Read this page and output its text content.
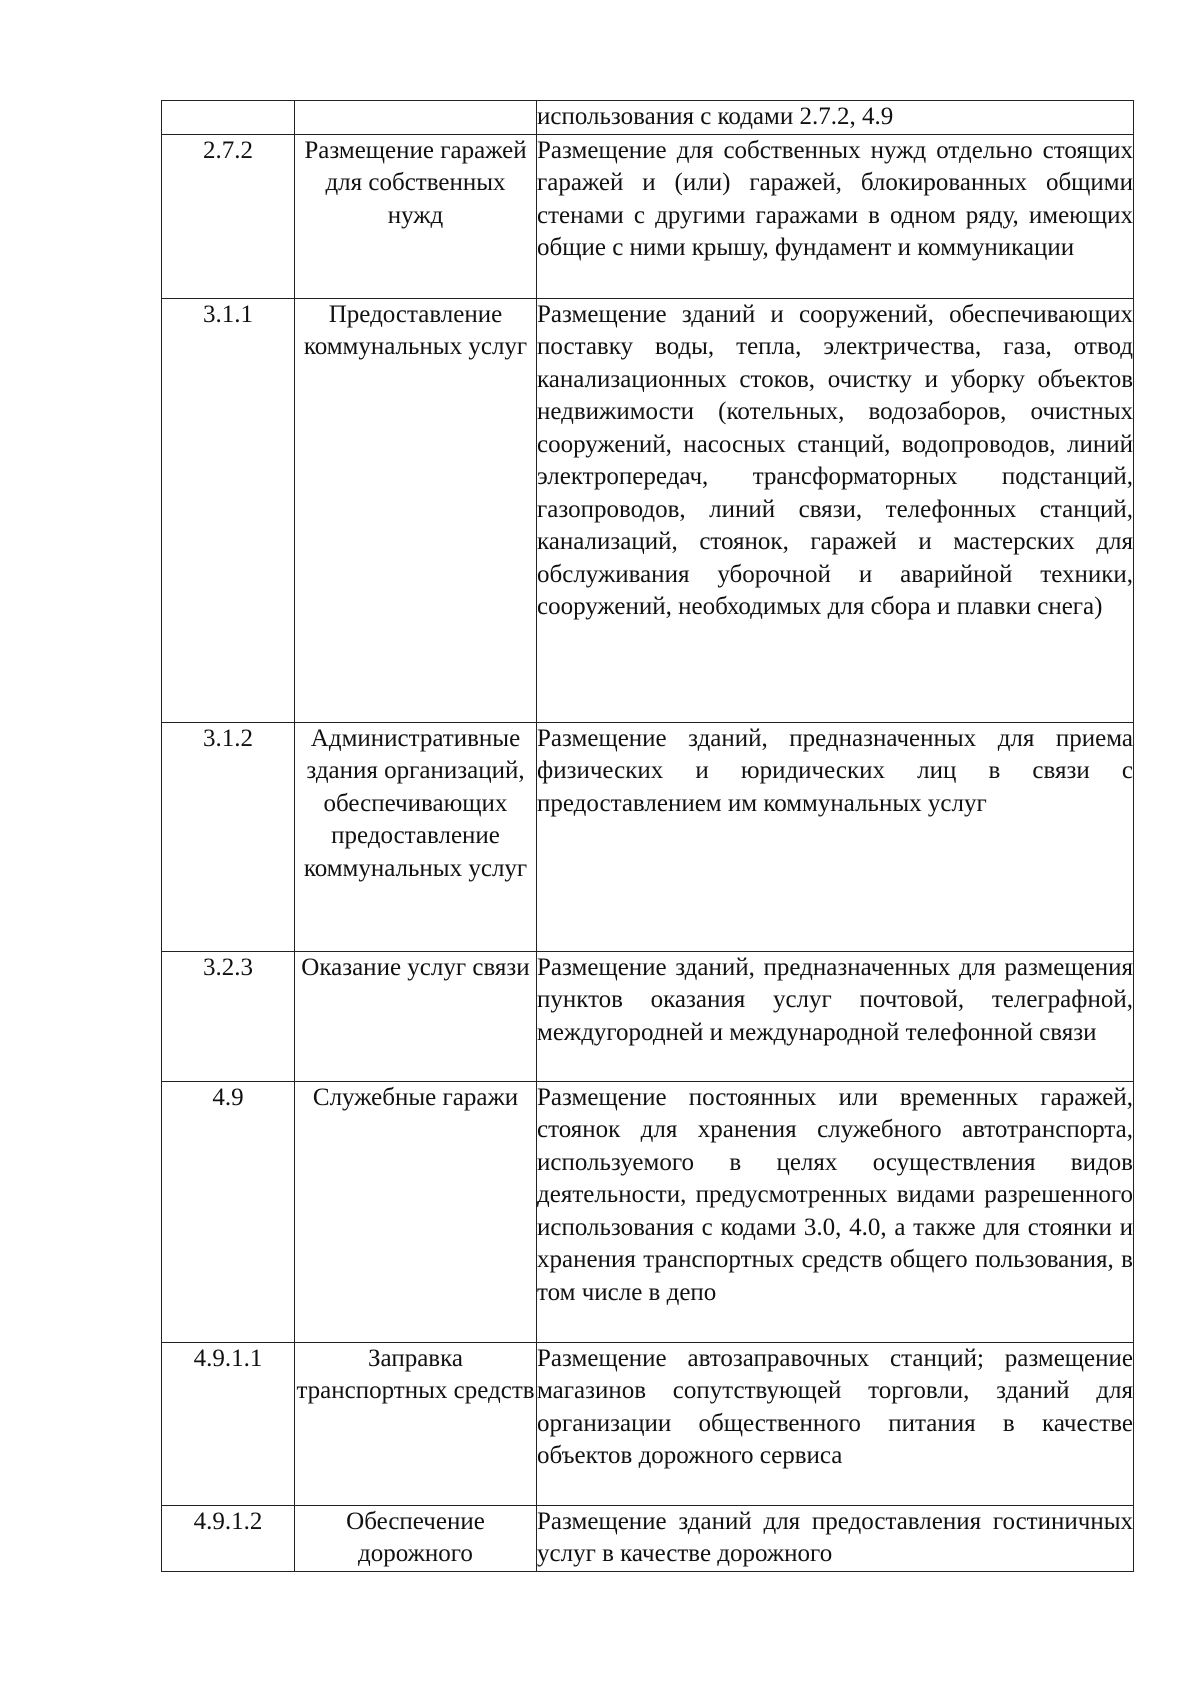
		использования с кодами 2.7.2, 4.9
2.7.2	Размещение гаражей для собственных нужд	Размещение для собственных нужд отдельно стоящих гаражей и (или) гаражей, блокированных общими стенами с другими гаражами в одном ряду, имеющих общие с ними крышу, фундамент и коммуникации
3.1.1	Предоставление коммунальных услуг	Размещение зданий и сооружений, обеспечивающих поставку воды, тепла, электричества, газа, отвод канализационных стоков, очистку и уборку объектов недвижимости (котельных, водозаборов, очистных сооружений, насосных станций, водопроводов, линий электропередач, трансформаторных подстанций, газопроводов, линий связи, телефонных станций, канализаций, стоянок, гаражей и мастерских для обслуживания уборочной и аварийной техники, сооружений, необходимых для сбора и плавки снега)
3.1.2	Административные здания организаций, обеспечивающих предоставление коммунальных услуг	Размещение зданий, предназначенных для приема физических и юридических лиц в связи с предоставлением им коммунальных услуг
3.2.3	Оказание услуг связи	Размещение зданий, предназначенных для размещения пунктов оказания услуг почтовой, телеграфной, междугородней и международной телефонной связи
4.9	Служебные гаражи	Размещение постоянных или временных гаражей, стоянок для хранения служебного автотранспорта, используемого в целях осуществления видов деятельности, предусмотренных видами разрешенного использования с кодами 3.0, 4.0, а также для стоянки и хранения транспортных средств общего пользования, в том числе в депо
4.9.1.1	Заправка транспортных средств	Размещение автозаправочных станций; размещение магазинов сопутствующей торговли, зданий для организации общественного питания в качестве объектов дорожного сервиса
4.9.1.2	Обеспечение дорожного	Размещение зданий для предоставления гостиничных услуг в качестве дорожного
